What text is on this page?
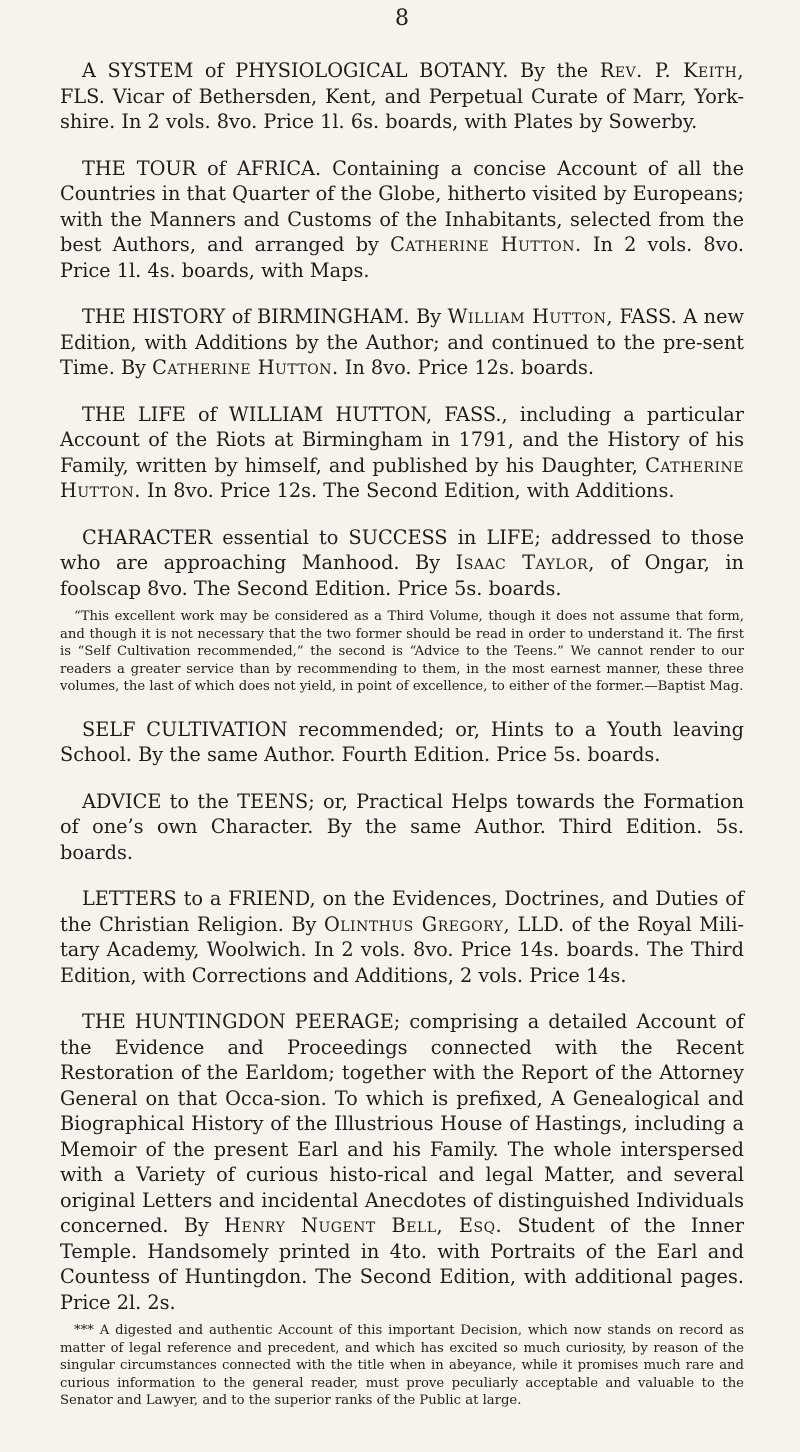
8

A SYSTEM of PHYSIOLOGICAL BOTANY. By the Rev. P. Keith, FLS. Vicar of Bethersden, Kent, and Perpetual Curate of Marr, York-shire. In 2 vols. 8vo. Price 1l. 6s. boards, with Plates by Sowerby.

THE TOUR of AFRICA. Containing a concise Account of all the Countries in that Quarter of the Globe, hitherto visited by Europeans; with the Manners and Customs of the Inhabitants, selected from the best Authors, and arranged by Catherine Hutton. In 2 vols. 8vo. Price 1l. 4s. boards, with Maps.

THE HISTORY of BIRMINGHAM. By William Hutton, FASS. A new Edition, with Additions by the Author; and continued to the pre-sent Time. By Catherine Hutton. In 8vo. Price 12s. boards.

THE LIFE of WILLIAM HUTTON, FASS., including a particular Account of the Riots at Birmingham in 1791, and the History of his Family, written by himself, and published by his Daughter, Catherine Hutton. In 8vo. Price 12s. The Second Edition, with Additions.

CHARACTER essential to SUCCESS in LIFE; addressed to those who are approaching Manhood. By Isaac Taylor, of Ongar, in foolscap 8vo. The Second Edition. Price 5s. boards.

“This excellent work may be considered as a Third Volume, though it does not assume that form, and though it is not necessary that the two former should be read in order to understand it. The first is “Self Cultivation recommended,” the second is “Advice to the Teens.” We cannot render to our readers a greater service than by recommending to them, in the most earnest manner, these three volumes, the last of which does not yield, in point of excellence, to either of the former.—Baptist Mag.

SELF CULTIVATION recommended; or, Hints to a Youth leaving School. By the same Author. Fourth Edition. Price 5s. boards.

ADVICE to the TEENS; or, Practical Helps towards the Formation of one’s own Character. By the same Author. Third Edition. 5s. boards.

LETTERS to a FRIEND, on the Evidences, Doctrines, and Duties of the Christian Religion. By Olinthus Gregory, LLD. of the Royal Mili-tary Academy, Woolwich. In 2 vols. 8vo. Price 14s. boards. The Third Edition, with Corrections and Additions, 2 vols. Price 14s.

THE HUNTINGDON PEERAGE; comprising a detailed Account of the Evidence and Proceedings connected with the Recent Restoration of the Earldom; together with the Report of the Attorney General on that Occa-sion. To which is prefixed, A Genealogical and Biographical History of the Illustrious House of Hastings, including a Memoir of the present Earl and his Family. The whole interspersed with a Variety of curious histo-rical and legal Matter, and several original Letters and incidental Anecdotes of distinguished Individuals concerned. By Henry Nugent Bell, Esq. Student of the Inner Temple. Handsomely printed in 4to. with Portraits of the Earl and Countess of Huntingdon. The Second Edition, with additional pages. Price 2l. 2s.

*** A digested and authentic Account of this important Decision, which now stands on record as matter of legal reference and precedent, and which has excited so much curiosity, by reason of the singular circumstances connected with the title when in abeyance, while it promises much rare and curious information to the general reader, must prove peculiarly acceptable and valuable to the Senator and Lawyer, and to the superior ranks of the Public at large.
